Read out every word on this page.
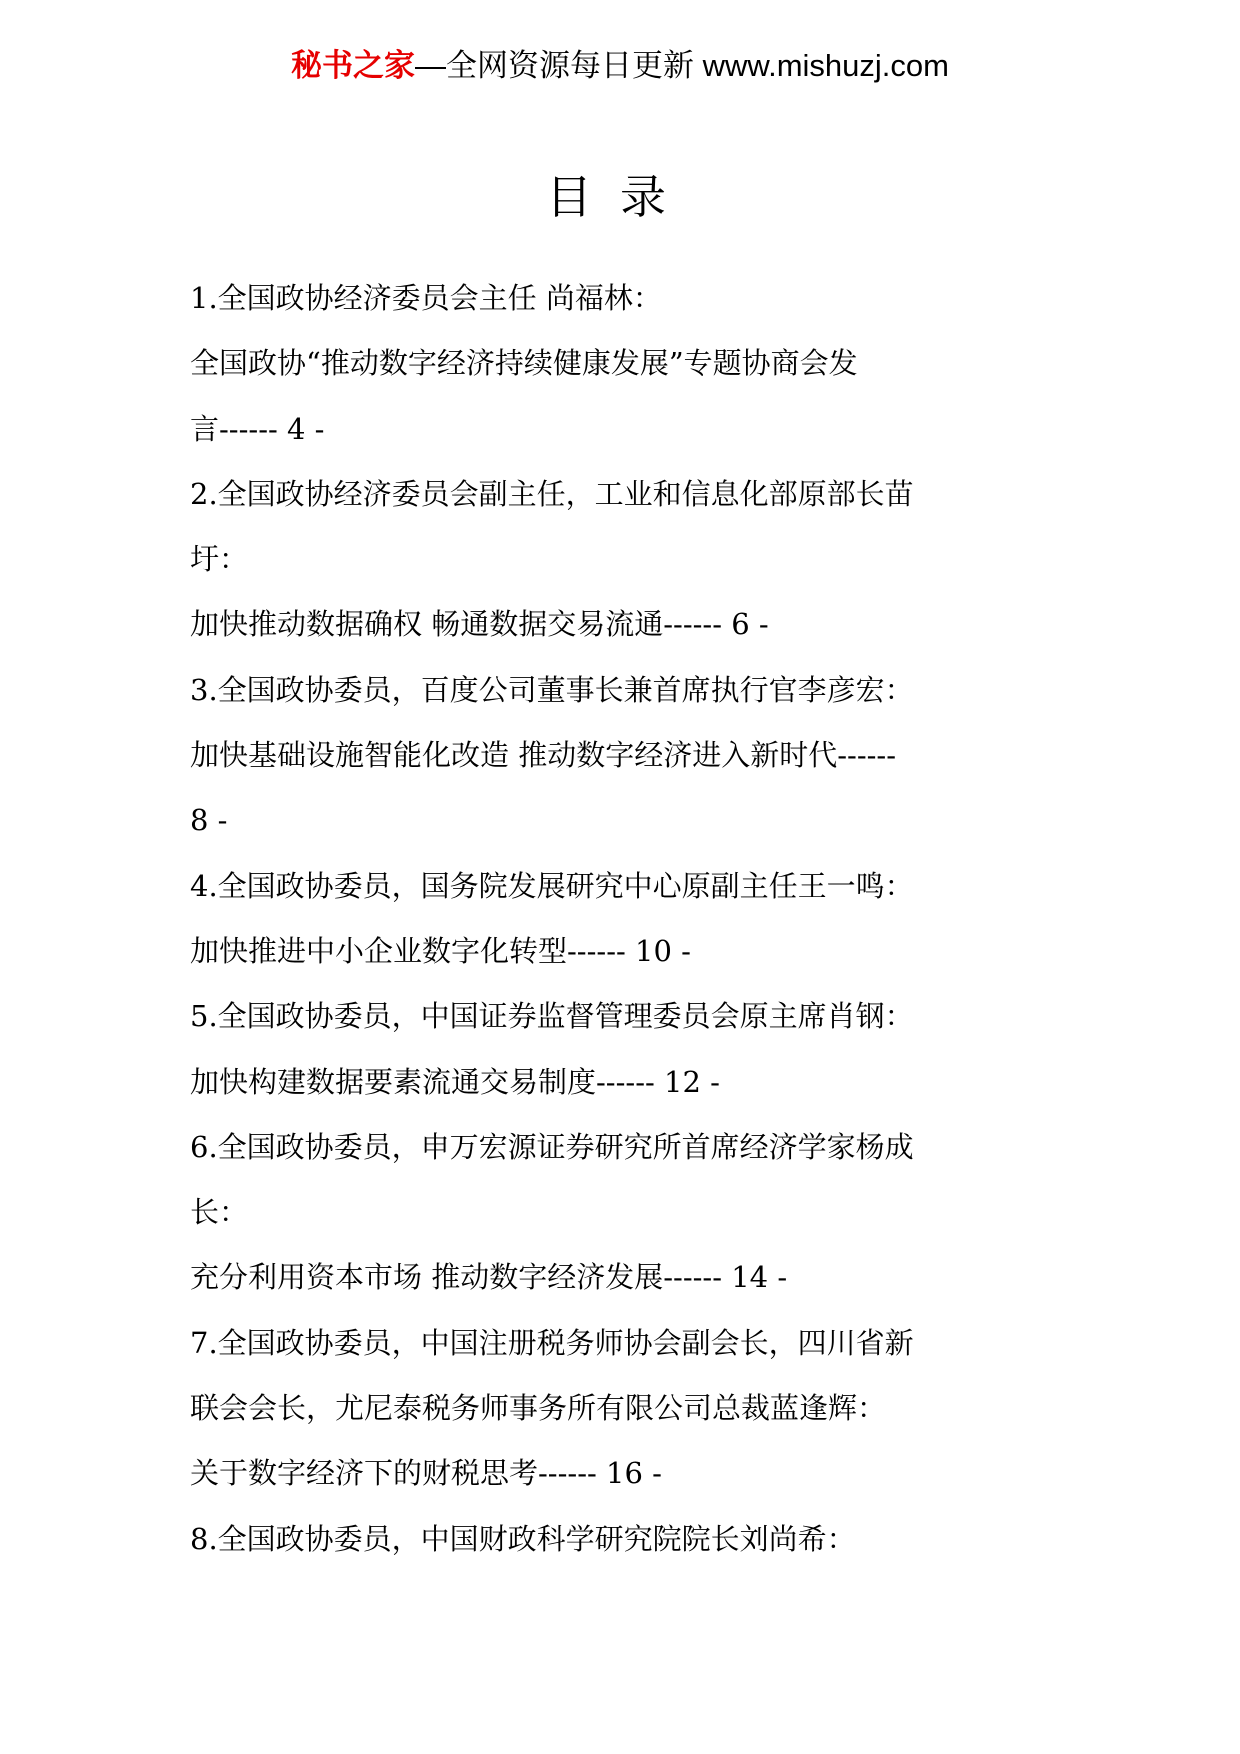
秘书之家—全网资源每日更新 www.mishuzj.com
目录
1.全国政协经济委员会主任 尚福林：
全国政协“推动数字经济持续健康发展”专题协商会发
言------ 4 -
2.全国政协经济委员会副主任，工业和信息化部原部长苗
圩：
加快推动数据确权 畅通数据交易流通------ 6 -
3.全国政协委员，百度公司董事长兼首席执行官李彦宏：
加快基础设施智能化改造 推动数字经济进入新时代------
8 -
4.全国政协委员，国务院发展研究中心原副主任王一鸣：
加快推进中小企业数字化转型------ 10 -
5.全国政协委员，中国证券监督管理委员会原主席肖钢：
加快构建数据要素流通交易制度------ 12 -
6.全国政协委员，申万宏源证券研究所首席经济学家杨成
长：
充分利用资本市场 推动数字经济发展------ 14 -
7.全国政协委员，中国注册税务师协会副会长，四川省新
联会会长，尤尼泰税务师事务所有限公司总裁蓝逢辉：
关于数字经济下的财税思考------ 16 -
8.全国政协委员，中国财政科学研究院院长刘尚希：
